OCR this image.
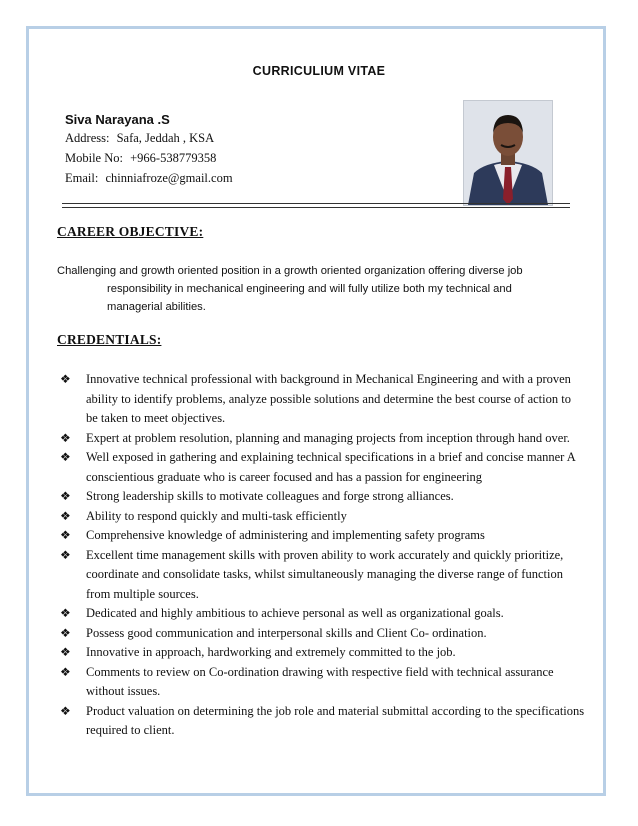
CURRICULIUM VITAE
Siva Narayana .S
Address: Safa, Jeddah , KSA
Mobile No: +966-538779358
Email: chinniafroze@gmail.com
CAREER OBJECTIVE:
Challenging and growth oriented position in a growth oriented organization offering diverse job
responsibility in mechanical engineering and will fully utilize both my technical and managerial abilities.
CREDENTIALS:
❖ Innovative technical professional with background in Mechanical Engineering and with a proven ability to identify problems, analyze possible solutions and determine the best course of action to be taken to meet objectives.
❖ Expert at problem resolution, planning and managing projects from inception through hand over.
❖ Well exposed in gathering and explaining technical specifications in a brief and concise manner A conscientious graduate who is career focused and has a passion for engineering
❖ Strong leadership skills to motivate colleagues and forge strong alliances.
❖ Ability to respond quickly and multi-task efficiently
❖ Comprehensive knowledge of administering and implementing safety programs
❖ Excellent time management skills with proven ability to work accurately and quickly prioritize, coordinate and consolidate tasks, whilst simultaneously managing the diverse range of function from multiple sources.
❖ Dedicated and highly ambitious to achieve personal as well as organizational goals.
❖ Possess good communication and interpersonal skills and Client Co- ordination.
❖ Innovative in approach, hardworking and extremely committed to the job.
❖ Comments to review on Co-ordination drawing with respective field with technical assurance without issues.
❖ Product valuation on determining the job role and material submittal according to the specifications required to client.
